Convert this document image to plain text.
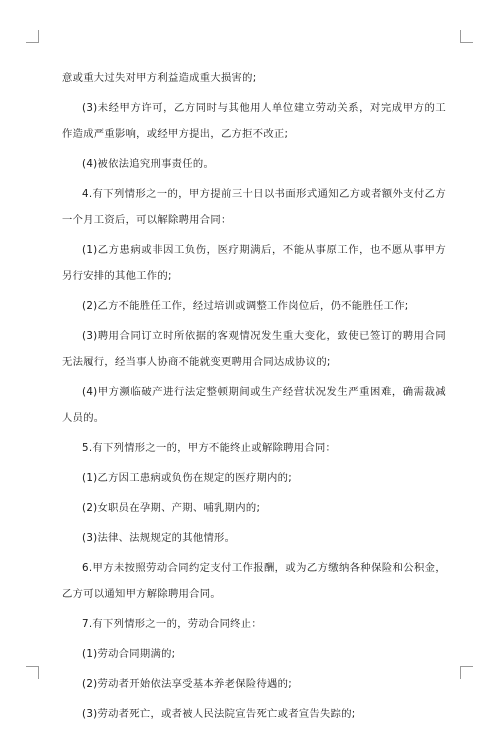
意或重大过失对甲方利益造成重大损害的;

(3)未经甲方许可，乙方同时与其他用人单位建立劳动关系，对完成甲方的工作造成严重影响，或经甲方提出，乙方拒不改正;

(4)被依法追究刑事责任的。

4.有下列情形之一的，甲方提前三十日以书面形式通知乙方或者额外支付乙方一个月工资后，可以解除聘用合同：

(1)乙方患病或非因工负伤，医疗期满后，不能从事原工作，也不愿从事甲方另行安排的其他工作的;

(2)乙方不能胜任工作，经过培训或调整工作岗位后，仍不能胜任工作;

(3)聘用合同订立时所依据的客观情况发生重大变化，致使已签订的聘用合同无法履行，经当事人协商不能就变更聘用合同达成协议的;

(4)甲方濒临破产进行法定整顿期间或生产经营状况发生严重困难，确需裁减人员的。

5.有下列情形之一的，甲方不能终止或解除聘用合同：

(1)乙方因工患病或负伤在规定的医疗期内的;

(2)女职员在孕期、产期、哺乳期内的;

(3)法律、法规规定的其他情形。

6.甲方未按照劳动合同约定支付工作报酬，或为乙方缴纳各种保险和公积金，乙方可以通知甲方解除聘用合同。

7.有下列情形之一的，劳动合同终止：

(1)劳动合同期满的;

(2)劳动者开始依法享受基本养老保险待遇的;

(3)劳动者死亡，或者被人民法院宣告死亡或者宣告失踪的;
